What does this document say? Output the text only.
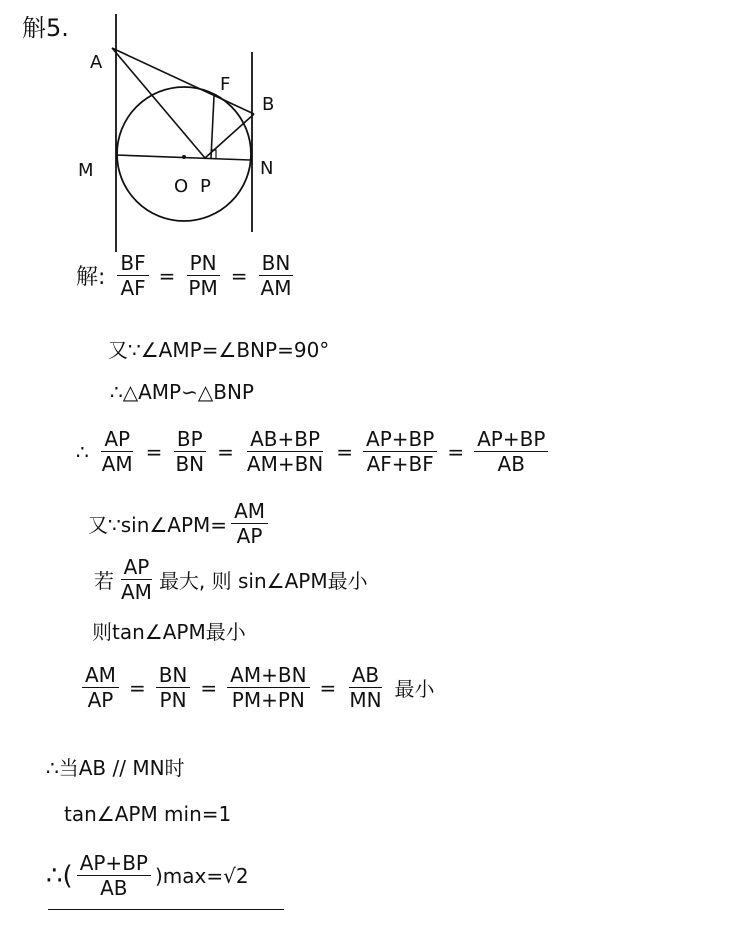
斛5.
A
F
B
M	N
O P
解: $\frac{BF}{AF} = \frac{PN}{PM} = \frac{BN}{AM}$
又∵∠AMP=∠BNP=90°
∴△AMP∽△BNP
∴ $\frac{AP}{AM} = \frac{BP}{BN} = \frac{AB+BP}{AM+BN} = \frac{AP+BP}{AF+BF} = \frac{AP+BP}{AB}$
又∵sin∠APM= $\frac{AM}{AP}$
若 $\frac{AP}{AM}$ 最大, 则 sin∠APM最小
则tan∠APM最小
$\frac{AM}{AP} = \frac{BN}{PN} = \frac{AM+BN}{PM+PN} = \frac{AB}{MN}$ 最小
∴当AB // MN时
tan∠APM min=1
∴( $\frac{AP+BP}{AB} )\max=√2$
